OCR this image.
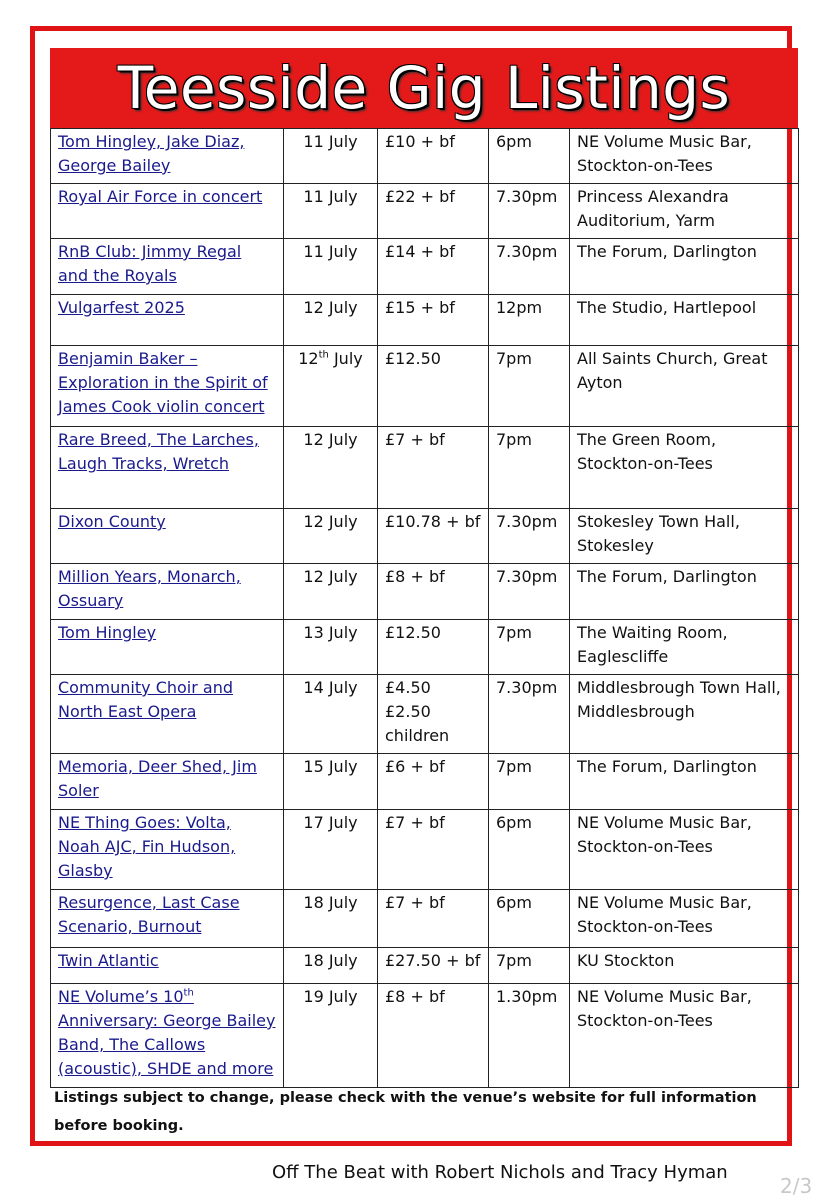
Teesside Gig Listings
Tom Hingley, Jake Diaz, George Bailey	11 July	£10 + bf	6pm	NE Volume Music Bar, Stockton-on-Tees
Royal Air Force in concert	11 July	£22 + bf	7.30pm	Princess Alexandra Auditorium, Yarm
RnB Club: Jimmy Regal and the Royals	11 July	£14 + bf	7.30pm	The Forum, Darlington
Vulgarfest 2025	12 July	£15 + bf	12pm	The Studio, Hartlepool
Benjamin Baker – Exploration in the Spirit of James Cook violin concert	12th July	£12.50	7pm	All Saints Church, Great Ayton
Rare Breed, The Larches, Laugh Tracks, Wretch	12 July	£7 + bf	7pm	The Green Room, Stockton-on-Tees
Dixon County	12 July	£10.78 + bf	7.30pm	Stokesley Town Hall, Stokesley
Million Years, Monarch, Ossuary	12 July	£8 + bf	7.30pm	The Forum, Darlington
Tom Hingley	13 July	£12.50	7pm	The Waiting Room, Eaglescliffe
Community Choir and North East Opera	14 July	£4.50 £2.50 children	7.30pm	Middlesbrough Town Hall, Middlesbrough
Memoria, Deer Shed, Jim Soler	15 July	£6 + bf	7pm	The Forum, Darlington
NE Thing Goes: Volta, Noah AJC, Fin Hudson, Glasby	17 July	£7 + bf	6pm	NE Volume Music Bar, Stockton-on-Tees
Resurgence, Last Case Scenario, Burnout	18 July	£7 + bf	6pm	NE Volume Music Bar, Stockton-on-Tees
Twin Atlantic	18 July	£27.50 + bf	7pm	KU Stockton
NE Volume’s 10th Anniversary: George Bailey Band, The Callows (acoustic), SHDE and more	19 July	£8 + bf	1.30pm	NE Volume Music Bar, Stockton-on-Tees
Listings subject to change, please check with the venue’s website for full information before booking.
Off The Beat with Robert Nichols and Tracy Hyman
2/3
